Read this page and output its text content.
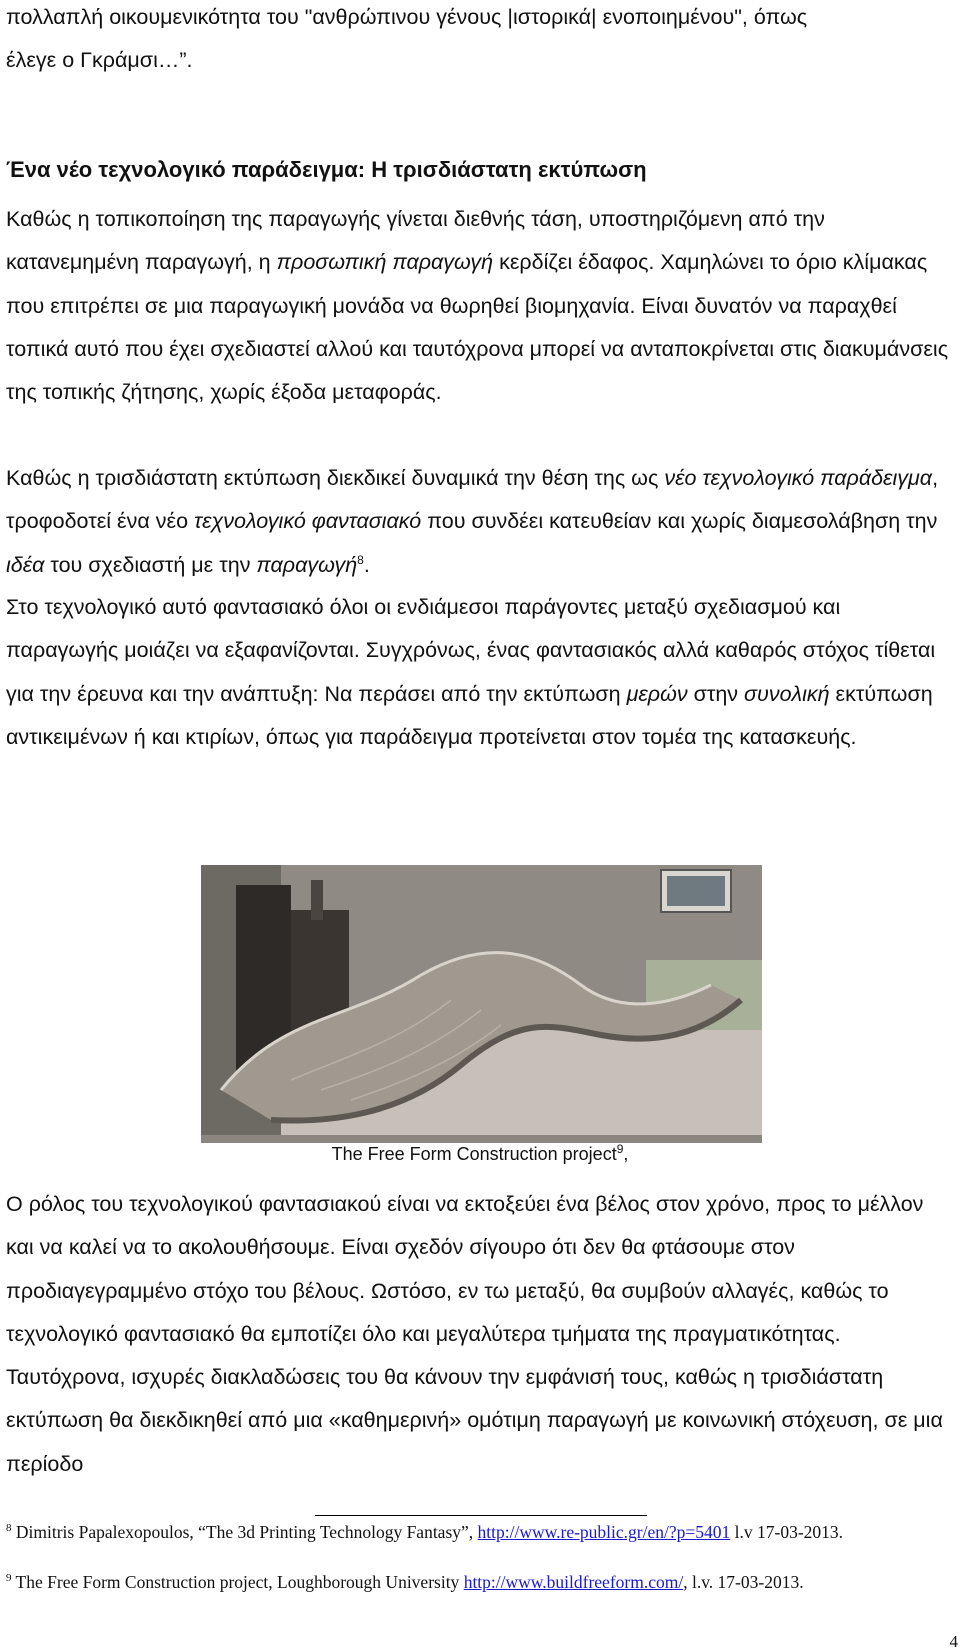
πολλαπλή οικουμενικότητα του "ανθρώπινου γένους |ιστορικά| ενοποιημένου", όπως
έλεγε ο Γκράμσι…”.

Ένα νέο τεχνολογικό παράδειγμα: Η τρισδιάστατη εκτύπωση

Καθώς η τοπικοποίηση της παραγωγής γίνεται διεθνής τάση, υποστηριζόμενη από την κατανεμημένη παραγωγή, η προσωπική παραγωγή κερδίζει έδαφος. Χαμηλώνει το όριο κλίμακας που επιτρέπει σε μια παραγωγική μονάδα να θωρηθεί βιομηχανία. Είναι δυνατόν να παραχθεί τοπικά αυτό που έχει σχεδιαστεί αλλού και ταυτόχρονα μπορεί να ανταποκρίνεται στις διακυμάνσεις της τοπικής ζήτησης, χωρίς έξοδα μεταφοράς.

Καθώς η τρισδιάστατη εκτύπωση διεκδικεί δυναμικά την θέση της ως νέο τεχνολογικό παράδειγμα, τροφοδοτεί ένα νέο τεχνολογικό φαντασιακό που συνδέει κατευθείαν και χωρίς διαμεσολάβηση την ιδέα του σχεδιαστή με την παραγωγή$^8$.

Στο τεχνολογικό αυτό φαντασιακό όλοι οι ενδιάμεσοι παράγοντες μεταξύ σχεδιασμού και παραγωγής μοιάζει να εξαφανίζονται. Συγχρόνως, ένας φαντασιακός αλλά καθαρός στόχος τίθεται για την έρευνα και την ανάπτυξη: Να περάσει από την εκτύπωση μερών στην συνολική εκτύπωση αντικειμένων ή και κτιρίων, όπως για παράδειγμα προτείνεται στον τομέα της κατασκευής.

The Free Form Construction project$^9$,

Ο ρόλος του τεχνολογικού φαντασιακού είναι να εκτοξεύει ένα βέλος στον χρόνο, προς το μέλλον και να καλεί να το ακολουθήσουμε. Είναι σχεδόν σίγουρο ότι δεν θα φτάσουμε στον προδιαγεγραμμένο στόχο του βέλους. Ωστόσο, εν τω μεταξύ, θα συμβούν αλλαγές, καθώς το τεχνολογικό φαντασιακό θα εμποτίζει όλο και μεγαλύτερα τμήματα της πραγματικότητας. Ταυτόχρονα, ισχυρές διακλαδώσεις του θα κάνουν την εμφάνισή τους, καθώς η τρισδιάστατη εκτύπωση θα διεκδικηθεί από μια «καθημερινή» ομότιμη παραγωγή με κοινωνική στόχευση, σε μια περίοδο

$^8$ Dimitris Papalexopoulos, “The 3d Printing Technology Fantasy”, http://www.re-public.gr/en/?p=5401 l.v 17-03-2013.

$^9$ The Free Form Construction project, Loughborough University http://www.buildfreeform.com/, l.v. 17-03-2013.

4
